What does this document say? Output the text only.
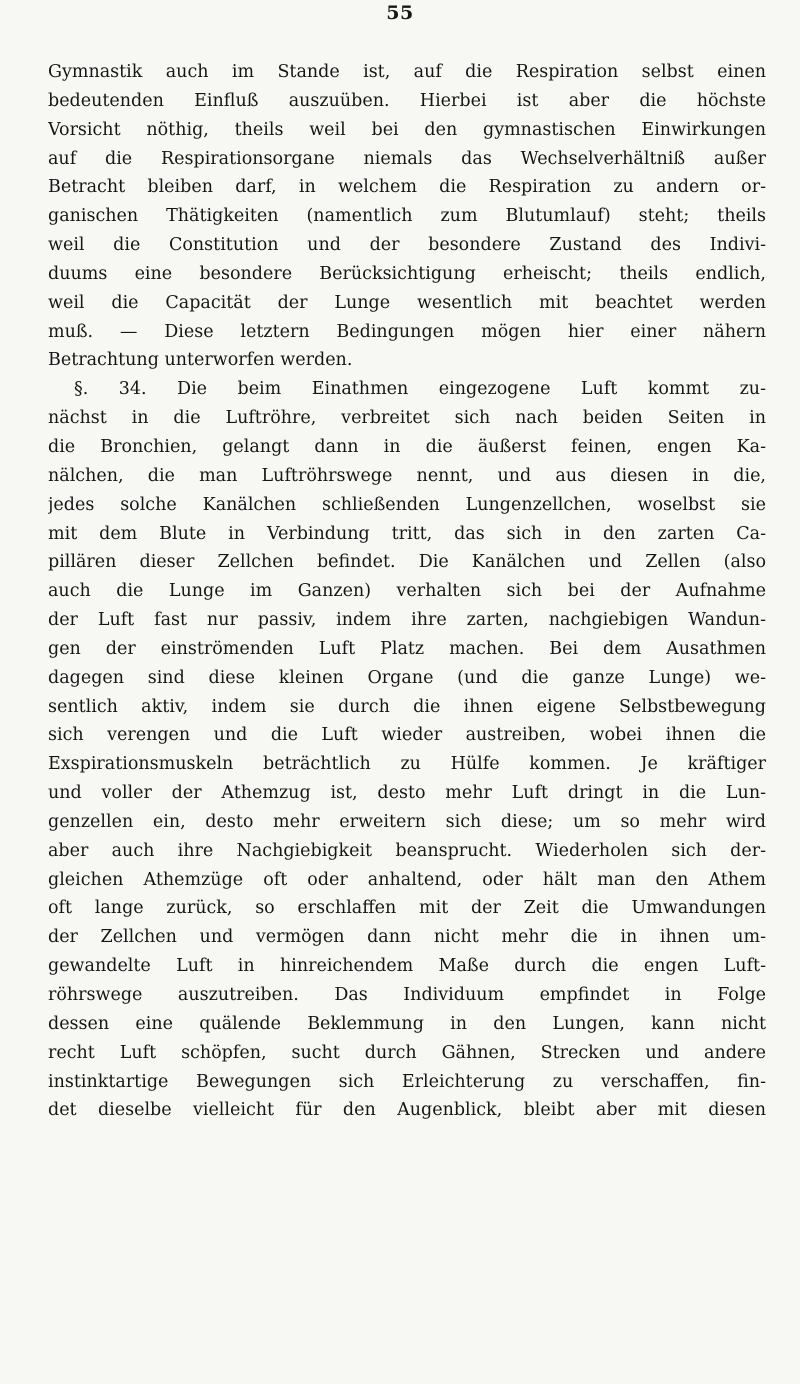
55
Gymnastik auch im Stande ist, auf die Respiration selbst einen
bedeutenden Einfluß auszuüben. Hierbei ist aber die höchste
Vorsicht nöthig, theils weil bei den gymnastischen Einwirkungen
auf die Respirationsorgane niemals das Wechselverhältniß außer
Betracht bleiben darf, in welchem die Respiration zu andern or-
ganischen Thätigkeiten (namentlich zum Blutumlauf) steht; theils
weil die Constitution und der besondere Zustand des Indivi-
duums eine besondere Berücksichtigung erheischt; theils endlich,
weil die Capacität der Lunge wesentlich mit beachtet werden
muß. — Diese letztern Bedingungen mögen hier einer nähern
Betrachtung unterworfen werden.
§. 34. Die beim Einathmen eingezogene Luft kommt zu-
nächst in die Luftröhre, verbreitet sich nach beiden Seiten in
die Bronchien, gelangt dann in die äußerst feinen, engen Ka-
nälchen, die man Luftröhrswege nennt, und aus diesen in die,
jedes solche Kanälchen schließenden Lungenzellchen, woselbst sie
mit dem Blute in Verbindung tritt, das sich in den zarten Ca-
pillären dieser Zellchen befindet. Die Kanälchen und Zellen (also
auch die Lunge im Ganzen) verhalten sich bei der Aufnahme
der Luft fast nur passiv, indem ihre zarten, nachgiebigen Wandun-
gen der einströmenden Luft Platz machen. Bei dem Ausathmen
dagegen sind diese kleinen Organe (und die ganze Lunge) we-
sentlich aktiv, indem sie durch die ihnen eigene Selbstbewegung
sich verengen und die Luft wieder austreiben, wobei ihnen die
Exspirationsmuskeln beträchtlich zu Hülfe kommen. Je kräftiger
und voller der Athemzug ist, desto mehr Luft dringt in die Lun-
genzellen ein, desto mehr erweitern sich diese; um so mehr wird
aber auch ihre Nachgiebigkeit beansprucht. Wiederholen sich der-
gleichen Athemzüge oft oder anhaltend, oder hält man den Athem
oft lange zurück, so erschlaffen mit der Zeit die Umwandungen
der Zellchen und vermögen dann nicht mehr die in ihnen um-
gewandelte Luft in hinreichendem Maße durch die engen Luft-
röhrswege auszutreiben. Das Individuum empfindet in Folge
dessen eine quälende Beklemmung in den Lungen, kann nicht
recht Luft schöpfen, sucht durch Gähnen, Strecken und andere
instinktartige Bewegungen sich Erleichterung zu verschaffen, fin-
det dieselbe vielleicht für den Augenblick, bleibt aber mit diesen
